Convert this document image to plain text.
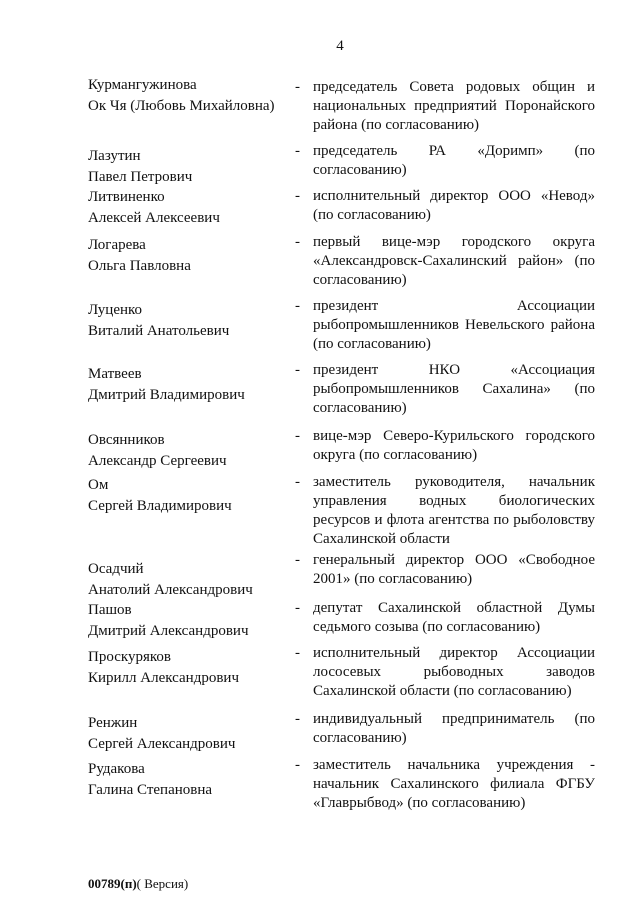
4
Курмангужинова
Ок Чя (Любовь Михайловна)
- председатель Совета родовых общин и национальных предприятий Поронайского района (по согласованию)
Лазутин
Павел Петрович
- председатель РА «Доримп» (по согласованию)
Литвиненко
Алексей Алексеевич
- исполнительный директор ООО «Невод» (по согласованию)
Логарева
Ольга Павловна
- первый вице-мэр городского округа «Александровск-Сахалинский район» (по согласованию)
Луценко
Виталий Анатольевич
- президент Ассоциации рыбопромышленников Невельского района (по согласованию)
Матвеев
Дмитрий Владимирович
- президент НКО «Ассоциация рыбопромышленников Сахалина» (по согласованию)
Овсянников
Александр Сергеевич
- вице-мэр Северо-Курильского городского округа (по согласованию)
Ом
Сергей Владимирович
- заместитель руководителя, начальник управления водных биологических ресурсов и флота агентства по рыболовству Сахалинской области
Осадчий
Анатолий Александрович
- генеральный директор ООО «Свободное 2001» (по согласованию)
Пашов
Дмитрий Александрович
- депутат Сахалинской областной Думы седьмого созыва (по согласованию)
Проскуряков
Кирилл Александрович
- исполнительный директор Ассоциации лососевых рыбоводных заводов Сахалинской области (по согласованию)
Ренжин
Сергей Александрович
- индивидуальный предприниматель (по согласованию)
Рудакова
Галина Степановна
- заместитель начальника учреждения - начальник Сахалинского филиала ФГБУ «Главрыбвод» (по согласованию)
00789(п)( Версия)
